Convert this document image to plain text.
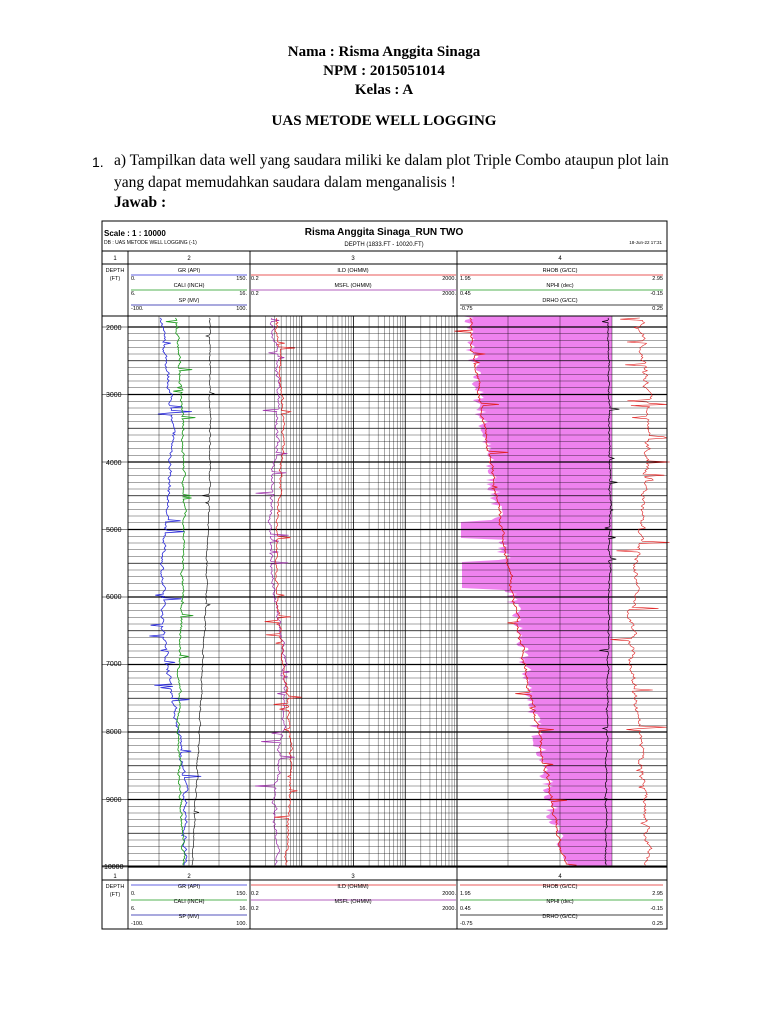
Nama : Risma Anggita Sinaga
NPM : 2015051014
Kelas : A
UAS METODE WELL LOGGING
1. a) Tampilkan data well yang saudara miliki ke dalam plot Triple Combo ataupun plot lain
yang dapat memudahkan saudara dalam menganalisis !
Jawab :
Scale : 1 : 10000	Risma Anggita Sinaga_RUN TWO
DB : UAS METODE WELL LOGGING (-1)	DEPTH (1833.FT - 10020.FT)	18-Jun-22 17:31
1	2	3	4
DEPTH
(FT)
GR (API)
0.	150.
CALI (INCH)
6.	16.
SP (MV)
-100.	100.
ILD (OHMM)
0.2	2000.
MSFL (OHMM)
0.2	2000.
RHOB (G/CC)
1.95	2.95
NPHI (dec)
0.45	-0.15
DRHO (G/CC)
-0.75	0.25
2000
3000
4000
5000
6000
7000
8000
9000
10000
1	2	3	4
DEPTH
(FT)
GR (API)
0.	150.
CALI (INCH)
6.	16.
SP (MV)
-100.	100.
ILD (OHMM)
0.2	2000.
MSFL (OHMM)
0.2	2000.
RHOB (G/CC)
1.95	2.95
NPHI (dec)
0.45	-0.15
DRHO (G/CC)
-0.75	0.25
